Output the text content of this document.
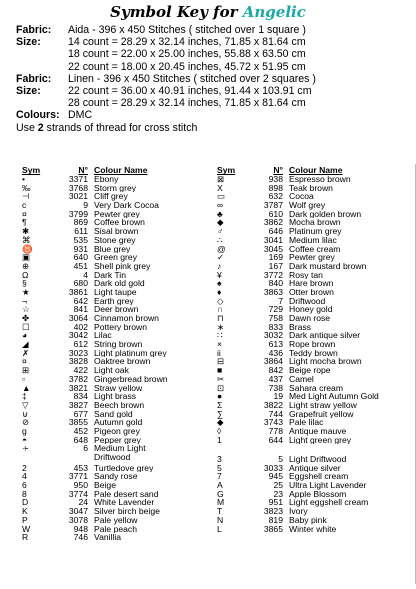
Symbol Key for Angelic
Fabric:	Aida - 396 x 450 Stitches ( stitched over 1 square )
Size:	14 count = 28.29 x 32.14 inches, 71.85 x 81.64 cm
18 count = 22.00 x 25.00 inches, 55.88 x 63.50 cm
22 count = 18.00 x 20.45 inches, 45.72 x 51.95 cm
Fabric:	Linen - 396 x 450 Stitches ( stitched over 2 squares )
Size:	22 count = 36.00 x 40.91 inches, 91.44 x 103.91 cm
28 count = 28.29 x 32.14 inches, 71.85 x 81.64 cm
Colours: DMC
Use
2
strands of thread for cross stitch
Sym	N° Colour Name
•	3371 Ebony
‰	3768 Storm grey
⊣	3021 Cliff grey
c	9 Very Dark Cocoa
¤	3799 Pewter grey
¶	869 Coffee brown
✱	611 Sisal brown
⌘	535 Stone grey
♉	931 Blue grey
▣	640 Green grey
⊕	451 Shell pink grey
Ω	4 Dark Tin
§	680 Dark old gold
★	3861 Light taupe
¬	642 Earth grey
☆	841 Deer brown
✤	3064 Cinnamon brown
☐	402 Pottery brown
◕	3042 Lilac
◢	612 String brown
✗	3023 Light platinum grey
¤	3828 Oaktree brown
⊞	422 Light oak
▫	3782 Gingerbread brown
▲	3821 Straw yellow
‡	834 Light brass
▽	3827 Beech brown
⊍	677 Sand gold
⊘	3855 Autumn gold
g	452 Pigeon grey
◓	648 Pepper grey
∻	6 Medium Light
Driftwood
2	453 Turtledove grey
4	3771 Sandy rose
6	950 Beige
8	3774 Pale desert sand
D	24 White Lavender
K	3047 Silver birch beige
P	3078 Pale yellow
W	948 Pale peach
R	746 Vanillia
Sym	N° Colour Name
⊠	938 Espresso brown
X	898 Teak brown
▭	632 Cocoa
∞	3787 Wolf grey
♣	610 Dark golden brown
◆	3862 Mocha brown
♂	646 Platinum grey
∴	3041 Medium lilac
@	3045 Coffee cream
✓	169 Pewter grey
♪	167 Dark mustard brown
¥	3772 Rosy tan
♠	840 Hare brown
♦	3863 Otter brown
◇	7 Driftwood
∩	729 Honey gold
⊓	758 Dawn rose
∗	833 Brass
∷	3032 Dark antique silver
×	613 Rope brown
ii	436 Teddy brown
⊟	3864 Light mocha brown
■	842 Beige rope
✂	437 Camel
⊡	738 Sahara cream
●	19 Med Light Autumn Gold
Σ	3822 Light straw yellow
∑	744 Grapefruit yellow
◆	3743 Pale lilac
◊	778 Antique mauve
1	644 Light green grey
3	5 Light Driftwood
5	3033 Antique silver
7	945 Eggshell cream
A	25 Ultra Light Lavender
G	23 Apple Blossom
M	951 Light eggshell cream
T	3823 Ivory
N	819 Baby pink
L	3865 Winter white
